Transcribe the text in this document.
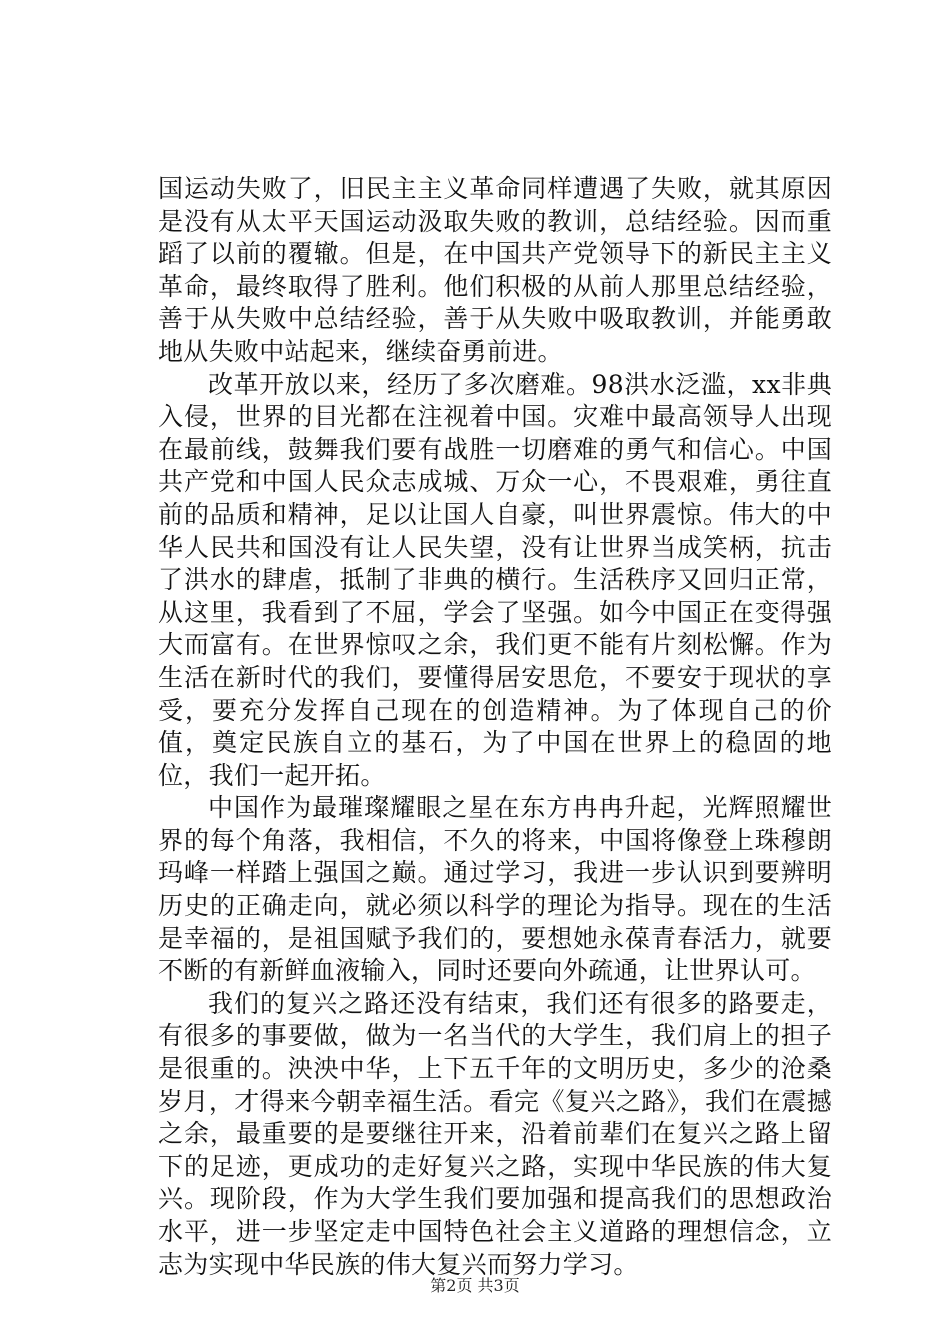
国运动失败了，旧民主主义革命同样遭遇了失败，就其原因是没有从太平天国运动汲取失败的教训，总结经验。因而重蹈了以前的覆辙。但是，在中国共产党领导下的新民主主义革命，最终取得了胜利。他们积极的从前人那里总结经验，善于从失败中总结经验，善于从失败中吸取教训，并能勇敢地从失败中站起来，继续奋勇前进。

改革开放以来，经历了多次磨难。98洪水泛滥，xx非典入侵，世界的目光都在注视着中国。灾难中最高领导人出现在最前线，鼓舞我们要有战胜一切磨难的勇气和信心。中国共产党和中国人民众志成城、万众一心，不畏艰难，勇往直前的品质和精神，足以让国人自豪，叫世界震惊。伟大的中华人民共和国没有让人民失望，没有让世界当成笑柄，抗击了洪水的肆虐，抵制了非典的横行。生活秩序又回归正常，从这里，我看到了不屈，学会了坚强。如今中国正在变得强大而富有。在世界惊叹之余，我们更不能有片刻松懈。作为生活在新时代的我们，要懂得居安思危，不要安于现状的享受，要充分发挥自己现在的创造精神。为了体现自己的价值，奠定民族自立的基石，为了中国在世界上的稳固的地位，我们一起开拓。

中国作为最璀璨耀眼之星在东方冉冉升起，光辉照耀世界的每个角落，我相信，不久的将来，中国将像登上珠穆朗玛峰一样踏上强国之巅。通过学习，我进一步认识到要辨明历史的正确走向，就必须以科学的理论为指导。现在的生活是幸福的，是祖国赋予我们的，要想她永葆青春活力，就要不断的有新鲜血液输入，同时还要向外疏通，让世界认可。

我们的复兴之路还没有结束，我们还有很多的路要走，有很多的事要做，做为一名当代的大学生，我们肩上的担子是很重的。泱泱中华，上下五千年的文明历史，多少的沧桑岁月，才得来今朝幸福生活。看完《复兴之路》，我们在震撼之余，最重要的是要继往开来，沿着前辈们在复兴之路上留下的足迹，更成功的走好复兴之路，实现中华民族的伟大复兴。现阶段，作为大学生我们要加强和提高我们的思想政治水平，进一步坚定走中国特色社会主义道路的理想信念，立志为实现中华民族的伟大复兴而努力学习。

第2页 共3页
